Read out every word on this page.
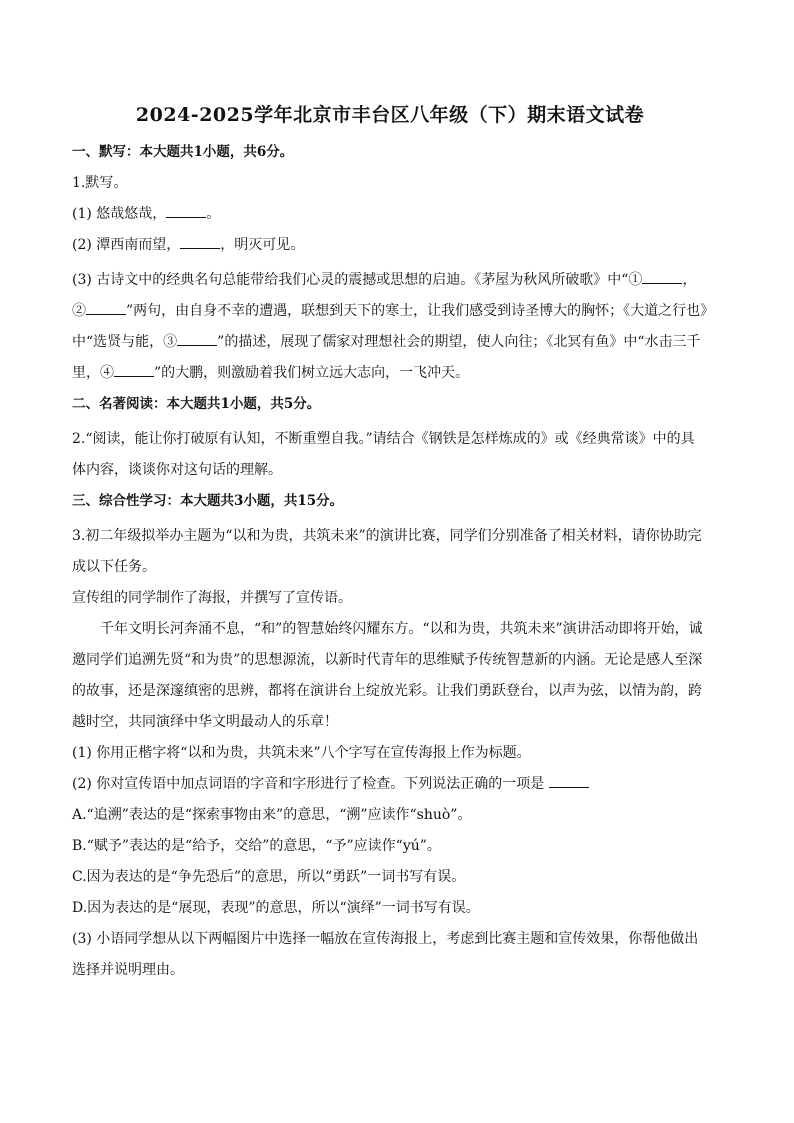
2024-2025学年北京市丰台区八年级（下）期末语文试卷

一、默写：本大题共1小题，共6分。

1.默写。

(1) 悠哉悠哉，	。

(2) 潭西南而望，	，明灭可见。

(3) 古诗文中的经典名句总能带给我们心灵的震撼或思想的启迪。《茅屋为秋风所破歌》中“①	，②	”两句，由自身不幸的遭遇，联想到天下的寒士，让我们感受到诗圣博大的胸怀；《大道之行也》中“选贤与能，③	”的描述，展现了儒家对理想社会的期望，使人向往；《北冥有鱼》中“水击三千里，④	”的大鹏，则激励着我们树立远大志向，一飞冲天。

二、名著阅读：本大题共1小题，共5分。

2.“阅读，能让你打破原有认知，不断重塑自我。”请结合《钢铁是怎样炼成的》或《经典常谈》中的具体内容，谈谈你对这句话的理解。

三、综合性学习：本大题共3小题，共15分。

3.初二年级拟举办主题为“以和为贵，共筑未来”的演讲比赛，同学们分别准备了相关材料，请你协助完成以下任务。

宣传组的同学制作了海报，并撰写了宣传语。

千年文明长河奔涌不息，“和”的智慧始终闪耀东方。“以和为贵，共筑未来”演讲活动即将开始，诚邀同学们追溯先贤“和为贵”的思想源流，以新时代青年的思维赋予传统智慧新的内涵。无论是感人至深的故事，还是深邃缜密的思辨，都将在演讲台上绽放光彩。让我们勇跃登台，以声为弦，以情为韵，跨越时空，共同演绎中华文明最动人的乐章！

(1) 你用正楷字将“以和为贵，共筑未来”八个字写在宣传海报上作为标题。

(2) 你对宣传语中加点词语的字音和字形进行了检查。下列说法正确的一项是

A.“追溯”表达的是“探索事物由来”的意思，“溯”应读作“shuò”。

B.“赋予”表达的是“给予，交给”的意思，“予”应读作“yú”。

C.因为表达的是“争先恐后”的意思，所以“勇跃”一词书写有误。

D.因为表达的是“展现，表现”的意思，所以“演绎”一词书写有误。

(3) 小语同学想从以下两幅图片中选择一幅放在宣传海报上，考虑到比赛主题和宣传效果，你帮他做出选择并说明理由。
